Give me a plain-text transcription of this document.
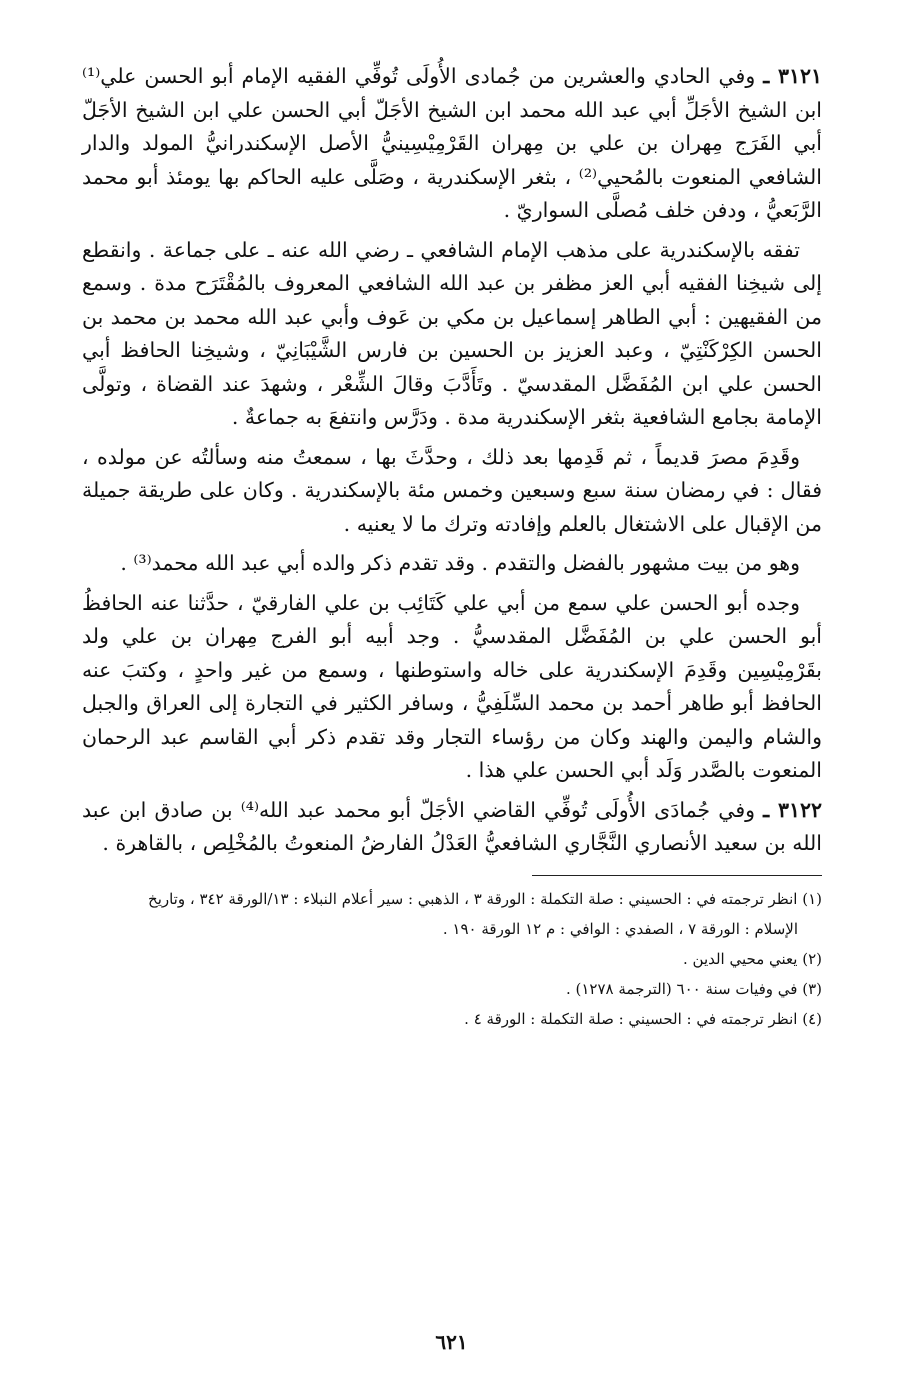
٣١٢١ ـ وفي الحادي والعشرين من جُمادى الأُولَى تُوفِّي الفقيه الإمام أبو الحسن علي⁽¹⁾ ابن الشيخ الأجَلِّ أبي عبد الله محمد ابن الشيخ الأجَلّ أبي الحسن علي ابن الشيخ الأجَلّ أبي الفَرَج مِهران بن علي بن مِهران القَرْمِيْسِينيُّ الأصل الإسكندرانيُّ المولد والدار الشافعي المنعوت بالمُحيي⁽²⁾ ، بثغر الإسكندرية ، وصَلَّى عليه الحاكم بها يومئذ أبو محمد الرَّبَعيُّ ، ودفن خلف مُصلَّى السواريّ .

تفقه بالإسكندرية على مذهب الإمام الشافعي ـ رضي الله عنه ـ على جماعة . وانقطع إلى شيخِنا الفقيه أبي العز مظفر بن عبد الله الشافعي المعروف بالمُقْتَرَح مدة . وسمع من الفقيهين : أبي الطاهر إسماعيل بن مكي بن عَوف وأبي عبد الله محمد بن محمد بن الحسن الكِرْكَنْتِيّ ، وعبد العزيز بن الحسين بن فارس الشَّيْبَانِيّ ، وشيخِنا الحافظ أبي الحسن علي ابن المُفَضَّل المقدسيّ . وتَأَدَّبَ وقالَ الشِّعْر ، وشهدَ عند القضاة ، وتولَّى الإمامة بجامع الشافعية بثغر الإسكندرية مدة . ودَرَّس وانتفعَ به جماعةٌ .

وقَدِمَ مصرَ قديماً ، ثم قَدِمها بعد ذلك ، وحدَّثَ بها ، سمعتُ منه وسألتُه عن مولده ، فقال : في رمضان سنة سبع وسبعين وخمس مئة بالإسكندرية . وكان على طريقة جميلة من الإقبال على الاشتغال بالعلم وإفادته وترك ما لا يعنيه .

وهو من بيت مشهور بالفضل والتقدم . وقد تقدم ذكر والده أبي عبد الله محمد⁽³⁾ .

وجده أبو الحسن علي سمع من أبي علي كَتَائِب بن علي الفارقيّ ، حدَّثنا عنه الحافظُ أبو الحسن علي بن المُفَضَّل المقدسيُّ . وجد أبيه أبو الفرج مِهران بن علي ولد بقَرْمِيْسِين وقَدِمَ الإسكندرية على خاله واستوطنها ، وسمع من غير واحدٍ ، وكتبَ عنه الحافظ أبو طاهر أحمد بن محمد السِّلَفِيُّ ، وسافر الكثير في التجارة إلى العراق والجبل والشام واليمن والهند وكان من رؤساء التجار وقد تقدم ذكر أبي القاسم عبد الرحمان المنعوت بالصَّدر وَلَد أبي الحسن علي هذا .

٣١٢٢ ـ وفي جُمادَى الأُولَى تُوفِّي القاضي الأجَلّ أبو محمد عبد الله⁽⁴⁾ بن صادق ابن عبد الله بن سعيد الأنصاري النَّجَّاري الشافعيُّ العَدْلُ الفارضُ المنعوتُ بالمُخْلِص ، بالقاهرة .

(١) انظر ترجمته في : الحسيني : صلة التكملة : الورقة ٣ ، الذهبي : سير أعلام النبلاء : ١٣/الورقة ٣٤٢ ، وتاريخ

الإسلام : الورقة ٧ ، الصفدي : الوافي : م ١٢ الورقة ١٩٠ .

(٢) يعني محيي الدين .

(٣) في وفيات سنة ٦٠٠ (الترجمة ١٢٧٨) .

(٤) انظر ترجمته في : الحسيني : صلة التكملة : الورقة ٤ .

٦٢١
